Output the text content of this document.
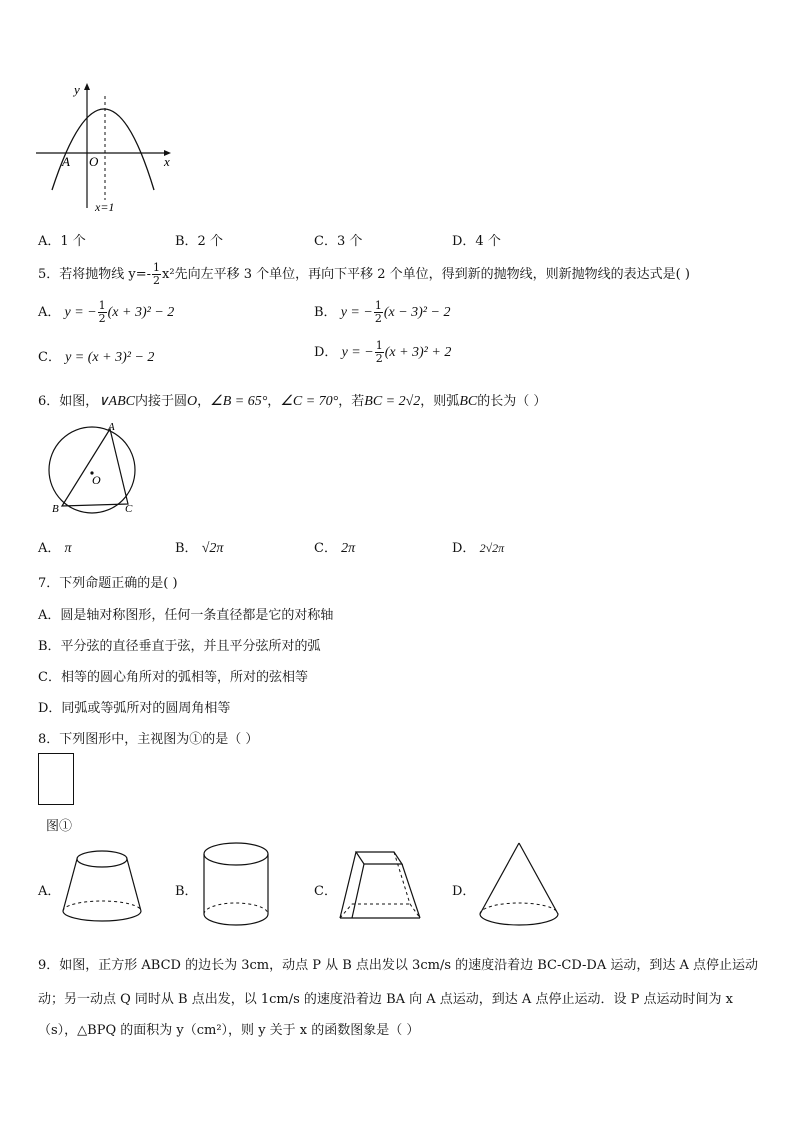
y
x
A O
x=1
A．1 个	B．2 个	C．3 个	D．4 个
5．若将抛物线 $y=- \frac{1}{2} x^2$先向左平移 3 个单位，再向下平移 2 个单位，得到新的抛物线，则新抛物线的表达式是( )
A． y = − $\frac{1}{2} (x + 3)^2 - 2$	B． y = − $\frac{1}{2} (x - 3)^2 - 2$
C． y = (x + 3)² − 2	D． y = − $\frac{1}{2} (x + 3)^2 + 2$
6．如图，∨ABC内接于圆O，∠B = 65°，∠C = 70°，若BC = 2√2，则弧BC的长为（ ）
A
O
B	C
A． π	B． √2π	C． 2π	D． 2√2π
7．下列命题正确的是( )
A．圆是轴对称图形，任何一条直径都是它的对称轴
B．平分弦的直径垂直于弦，并且平分弦所对的弧
C．相等的圆心角所对的弧相等，所对的弦相等
D．同弧或等弧所对的圆周角相等
8．下列图形中，主视图为①的是（ ）
图①
A．	B．	C．	D．
9．如图，正方形 ABCD 的边长为 3cm，动点 P 从 B 点出发以 3cm/s 的速度沿着边 BC-CD-DA 运动，到达 A 点停止运动
动；另一动点 Q 同时从 B 点出发，以 1cm/s 的速度沿着边 BA 向 A 点运动，到达 A 点停止运动．设 P 点运动时间为 x
（s），△BPQ 的面积为 y（cm²），则 y 关于 x 的函数图象是（ ）
